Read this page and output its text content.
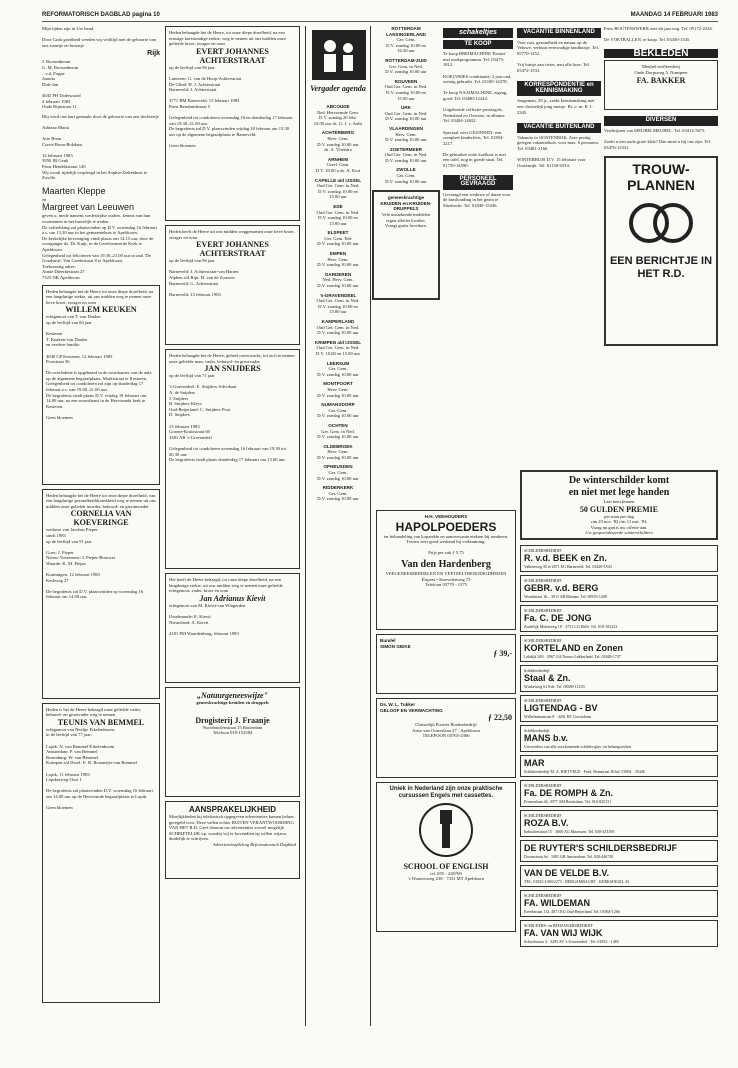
REFORMATORISCH DAGBLAD pagina 10	MAANDAG 14 FEBRUARI 1983
Mijn tijden zijn in Uw hand.

Door Gods goedheid werden wij verblijd met de geboorte van ons zoontje en broertje
Rijk
J. Roosenboom
G. M. Roosenboom
– v.d. Poppe
Joanita
Dirk-Jan

4045 PH Dodewaard
4 februari 1983
Oude Rijnstraat 11
Blij werd ons hart gemaakt door de geboorte van ons dochtertje

Adriana Maria

Arie Boon
Corrie Boon-Bokdam

12 februari 1983
3950 JB Genk
Prins Hendrikstraat 140
Wij wordt tijdelijk verpleegd in het Sophia-Ziekenhuis te Zwolle.
Maarten Kleppe
en
Margreet van Leeuwen
geven u, mede namens wederzijdse ouders, kennis van hun voornemen in het huwelijk te treden.
De voltrekking zal plaatsvinden op D.V. woensdag 16 februari a.s. om 13.30 uur in het gemeentehuis te Apeldoorn.
De kerkelijke bevestiging vindt plaats om 14.15 uur, door de voorganger ds. Dr. Kuijt, in de Gereformeerde Kerk te Apeldoorn.
Gelegenheid tot feliciteren van 19.30–21.00 uur in zaal 'De Goudsmit', Van Goedestraat 8 te Apeldoorn.
Toekomstig adres:
Annie Dieerkestraat 27
7325 NK Apeldoorn
Heden behaagde het de Heere tot onze diepe droefheid, na een langdurige ziekte, uit ons midden weg te nemen onze lieve broer, zwager en oom
WILLEM KEUKEN
echtgenoot van T. van Daalen
op de leeftijd van 84 jaar

Kesteren
T. Keuken-van Daalen
en verdere familie

4040 GP Kesteren, 12 februari 1983
Poststraat 56

De overledene is opgebaard in de rouwkamer van de aula op de algemene begraafplaats, Marktstraat te Kesteren.
Gelegenheid tot condoleren zal zijn op donderdag 17 februari a.s. van 19.00–21.00 uur.
De begrafenis vindt plaats D.V. vrijdag 18 februari om 14.00 uur, na een rouwdienst in de Hervormde kerk te Kesteren.

Geen bloemen
Heden behaagde het de Heere tot onze diepe droefheid, van een langdurige gezondheidskrankheid weg te nemen uit ons midden onze geliefde moeder, behuwd- en grootmoeder
CORNELIA VAN KOEVERINGE
weduwe van Jacobus Pieper
sinds 1983
op de leeftijd van 91 jaar

Goes: J. Pieper
Nieuw-Vossemeer: J. Pieper-Brouwer
Waarde: K. M. Pieper

Kruiningen, 12 februari 1983
Kerkweg 27

De begrafenis zal D.V. plaatsvinden op woensdag 16 februari om 14.00 uur.
Heden is het de Heere behaagd onze geliefde vader, behuwd- en grootvader weg te nemen
TEUNIS VAN BEMMEL
echtgenoot van Neeltje Eikelenboom,
in de leeftijd van 77 jaar.

Lopik: N. van Bemmel-Eikelenboom
Amsterdam: P. van Bemmel
Rozenburg: W. van Bemmel
Krimpen a/d IJssel: E. B. Bosmeijer-van Bemmel

Lopik, 11 februari 1983
Lopikerweg-Oost 1

De begrafenis zal plaatsvinden D.V. woensdag 16 februari om 14.00 uur op de Hervormde begraafplaats te Lopik.

Geen bloemen
Heden behaagde het de Heere, tot onze diepe droefheid, na een ernstige kortstondige ziekte, weg te nemen uit ons midden onze geliefde broer, zwager en oom
EVERT JOHANNES ACHTERSTRAAT
op de leeftijd van 96 jaar.

Lunteren: G. van de Hoop-Achterstraat
De Glind: H. J. Achterstraat
Barneveld: J. Achterstraat

3771 BM Barneveld, 13 februari 1983
Prins Bernhardstraat 5

Gelegenheid tot condoleren woensdag 16 en donderdag 17 februari van 19.30–21.00 uur.
De begrafenis zal D.V. plaatsvinden vrijdag 18 februari om 13.30 uur op de algemene begraafplaats te Barneveld.

Geen bloemen
Heden heeft de Heere uit ons midden weggenomen onze lieve broer, zwager en oom
EVERT JOHANNES ACHTERSTRAAT
op de leeftijd van 96 jaar

Barneveld: J. Achterstraat-van Harten
Alphen a/d Rijn: H. van de Zouwen
Barneveld: G. Achterstraat

Barneveld, 13 februari 1983
Heden behaagde het de Heere, geheel onverwacht, tot zich te nemen onze geliefde man, vader, behuwd- en grootvader
JAN SNIJDERS
op de leeftijd van 71 jaar

's-Gravendeel: E. Snijders-Advokaat
A. de Snijders
J. Snijders
B. Snijders-Kleys
Oud-Beijerland: C. Snijders-Poot
D. Snijders

13 februari 1983
Groene-Kruisstraat 60
3381 AB 's-Gravendeel

Gelegenheid tot condoleren woensdag 16 februari van 19.30 tot 20.30 uur.
De begrafenis vindt plaats donderdag 17 februari om 13.00 uur.
Het heeft de Heere behaagd, tot onze diepe droefheid, na een langdurige ziekte, uit ons midden weg te nemen onze geliefde echtgenoot, vader, broer en oom
Jan Adrianus Kievit
echtgenoot van M. Kievit-van Wingerden

IJsselmonde: E. Kievit
Nieuwland: A. Kievit

4181 PM Waardenburg, februari 1983
„Natuurgeneeswijze"
geneeskrachtige kruiden en druppels
Drogisterij J. Fraanje
Noordmolenstraat 15 Rotterdam
Telefoon 010-152584
AANSPRAKELIJKHEID
Moeilijkheden bij telefonisch opgegeven advertenties komen helaas geregeld voor. Deze vallen echter BUITEN VERANTWOORDING VAN HET R.D. Geef daarom uw advertenties zoveel mogelijk SCHRIFTELIJK op, waarbij wij er bovendien op willen wijzen, duidelijk te schrijven.
Advertentieafdeling Reformatorisch Dagblad
Vergader agenda
ABCOUDE
Ned. Hervormde Gem.
D.V. zondag 20 febr.
10.00 uur ds. G. J. v. Aalst
ACHTERBERG
Herv. Gem.
D.V. zondag 10.00 uur
ds. A. Vlietstra
ARNHEM
Geref. Gem.
D.V. 10.00 u ds. A. Kort
CAPELLE a/d IJSSEL
Oud Ger. Gem. in Ned.
D.V. zondag 10.00 en
15.00 uur
EDE
Oud Ger. Gem. in Ned.
D.V. zondag 10.00 en
15.00 uur
ELSPEET
Ger. Gem. Ede
D.V. zondag 10.00 uur
EMPEN
Herv. Gem.
D.V. zondag 10.00 uur
GARDEREN
Ned. Herv. Gem.
D.V. zondag 10.00 uur
's-GRAVENDEEL
Oud Ger. Gem. in Ned.
D.V. zondag 10.00 en
15.00 uur
KAMPERLAND
Oud Ger. Gem. in Ned.
D.V. zondag 10.00 uur
KRIMPEN a/d IJSSEL
Oud Ger. Gem. in Ned.
D.V. 10.00 en 15.00 uur
LEERSUM
Ger. Gem.
D.V. zondag 10.00 uur
MONTFOORT
Herv. Gem.
D.V. zondag 10.00 uur
NUMANSDORP
Ger. Gem.
D.V. zondag 10.00 uur
OCHTEN
Ger. Gem. in Ned.
D.V. zondag 10.00 uur
OLDEBROEK
Herv. Gem.
D.V. zondag 10.00 uur
OPHEUSDEN
Ger. Gem.
D.V. zondag 10.00 uur
RIDDERKERK
Ger. Gem.
D.V. zondag 10.00 uur
ROTTERDAM LANSINGERLAND
Ger. Gem.
D.V. zondag 10.00 en
16.30 uur
ROTTERDAM-ZUID
Ger. Gem. in Ned.
D.V. zondag 10.00 uur
ROUVEEN
Oud Ger. Gem. in Ned.
D.V. zondag 10.00 en
15.00 uur
URK
Oud Ger. Gem. in Ned.
D.V. zondag 10.00 uur
VLAARDINGEN
Herv. Gem.
D.V. zondag 10.00 uur
ZOETERMEER
Oud Ger. Gem. in Ned.
D.V. zondag 10.00 uur
ZWOLLE
Ger. Gem.
D.V. zondag 10.00 uur
geneeskrachtige KRUIDEN en KRUIDEN-DRUPPELS
Vele uitstekende middelen tegen allerlei kwalen.
Vraagt gratis brochure.
schakeltjes
TE KOOP
Te koop BREIMACHINE 'Knitax' met zoekprogramma. Tel. 03473-1812.

KOELVRIES combinatie, 2 jaar oud, weinig gebruikt. Tel. 01100-14378.

Te koop NAAIMACHINE, zigzag, goed. Tel. 03480-12244.

Uitgebreide collectie postzegels, Nederland en Overzee, in albums. Tel. 03404-14652.

Speciaal voor GEZINNEN: een compleet kinderfiets. Tel. 01854-2217.

De gebruikte witte koelkast is met een tafel, nog in goede staat. Tel. 01750-14590.
PERSONEEL GEVRAAGD
Gevraagd een weduwe of dame voor de huishouding in het gezin te Sliedrecht. Tel. 01840-15436.
VACANTIE BINNENLAND
Voor rust, gezondheid en natuur op de Veluwe, verhuur eenvoudige landhuisje. Tel. 05770-1452.

Vrij huisje aan rivier, met alle luxe. Tel. 03472-1533.
KORRESPONDENTIE en KENNISMAKING
Jongeman, 29 jr., zoekt kennismaking met een christelijk jong meisje. Br. o. nr. R 1-2345.
VACANTIE BUITENLAND
Vakantie in OOSTENRIJK. Zeer prettig gelegen vakantiehuis, voor max. 6 personen. Tel. 03481-2166.

WINTERBUIS D.V. 15 februari voor Oostenrijk. Tel. 01130-6534.
Fries BOUTENSWERK met dit jaar nog. Tel. 05172-2234.

De VOETBALLEN, te koop. Tel. 03450-1345.
BEKLEDEN
Meubel-stoffeerderij
Oude Dorpsweg 5, Nunspeet
FA. BAKKER
DIVERSEN
Verdwijnen van MEUBELMEUBEL. Tel. 03412-5673.

Zoekt u een oude grote klok? Dan moet u bij ons zijn. Tel. 03470-12331.
TROUW-PLANNEN
EEN BERICHTJE IN HET R.D.
H.H. VEEHOUDERS
HAPOLPOEDERS
ter behandeling van kopziekte en aanverwante ziekten bij runderen.
Tevens zeer goed werkend bij verlamming.

Prijs per zak ƒ 5,75
Van den Hardenberg
VEEGENEESMIDDELEN EN VEETEELTBENODIGDHEDEN
Elspeet • Stoevelenweg 73
Telefoon 05770 - 1375
Bundel
SIMON GIEKE
ƒ 39,-
Ds. W. L. Tukker
GELOOF EN VERWACHTING
ƒ 22,50
Christelijk Poorter Boekenbedrijf
Artur van Oosterlaan 27 · Apeldoorn
TELEFOON 05765-2366
Uniek in Nederland zijn onze praktische cursussen Engels met cassettes.
SCHOOL OF ENGLISH
tel. 055 - 226769
's Woutersweg 238 · 7331 MT Apeldoorn
De winterschilder komt
en niet met lege handen
Laat hem komen
50 GULDEN PREMIE
per man per dag
van 23 nov. '82 t/m 11 mrt. '83.
Vraag nu gratis uw offerte aan.
Uw gespecialiseerde winterschilders
SCHILDERSBEDRIJF
R. v.d. BEEK en Zn.
Valkenweg 30 te 2871 EG Barneveld. Tel. 03420-1543
SCHILDERSBEDRIJF
GEBR. v.d. BERG
Woudstraat 16 – 3911 AB Rhenen. Tel. 08376-1208
SCHILDERSBEDRIJF
Fa. C. DE JONG
Zuidelijk Molenweg 18 · 3731 CG Delft. Tel. 010-181223
SCHILDERSBEDRIJF
KORTELAND en Zonen
Lekdijk 269 · 2967 GA Nieuw-Lekkerland. Tel. 01848-1737
Schildersbedrijf
Staal & Zn.
Winkelweg 61 Ede. Tel. 08380-11233
SCHILDERSBEDRIJF
LIGTENDAG - BV
Wilhelminastraat 8 · 4201 HC Gorinchem
Schildersbedrijf
MANS b.v.
Uitvoerders van alle voorkomende schilder-glas- en behangwerken
MAR
Schildersbedrijf M. A. RIETVELD · Ford. Reinstraat 36 bd. 01804 · 35446
SCHILDERSBEDRIJF
Fa. DE ROMPH & Zn.
Prinsenlaan 46, 3077 AM Rotterdam. Tel. 010-825131
SCHILDERSBEDRIJF
ROZA B.V.
Industriestraat 15 · 3600 AG Maarssen. Tel. 030-433195
DE RUYTER'S SCHILDERSBEDRIJF
Doornstraat 6a · 1081 GB Amsterdam. Tel. 020-446720
VAN DE VELDE B.V.
TEL. 01825-1369/2273 · BERGAMBACHT · KERKSINGEL 43
SCHILDERSBEDRIJF
FA. WILDEMAN
Kreekstraat 112, 4871 EG Oud-Beijerland. Tel. 01864-1266
SCHILDERS- en BEHANGERSBEDRIJF
FA. VAN WIJ WIJK
Schoolstraat 4 · 3295 AV 's-Gravendeel · Tel. 01853 - 1483
